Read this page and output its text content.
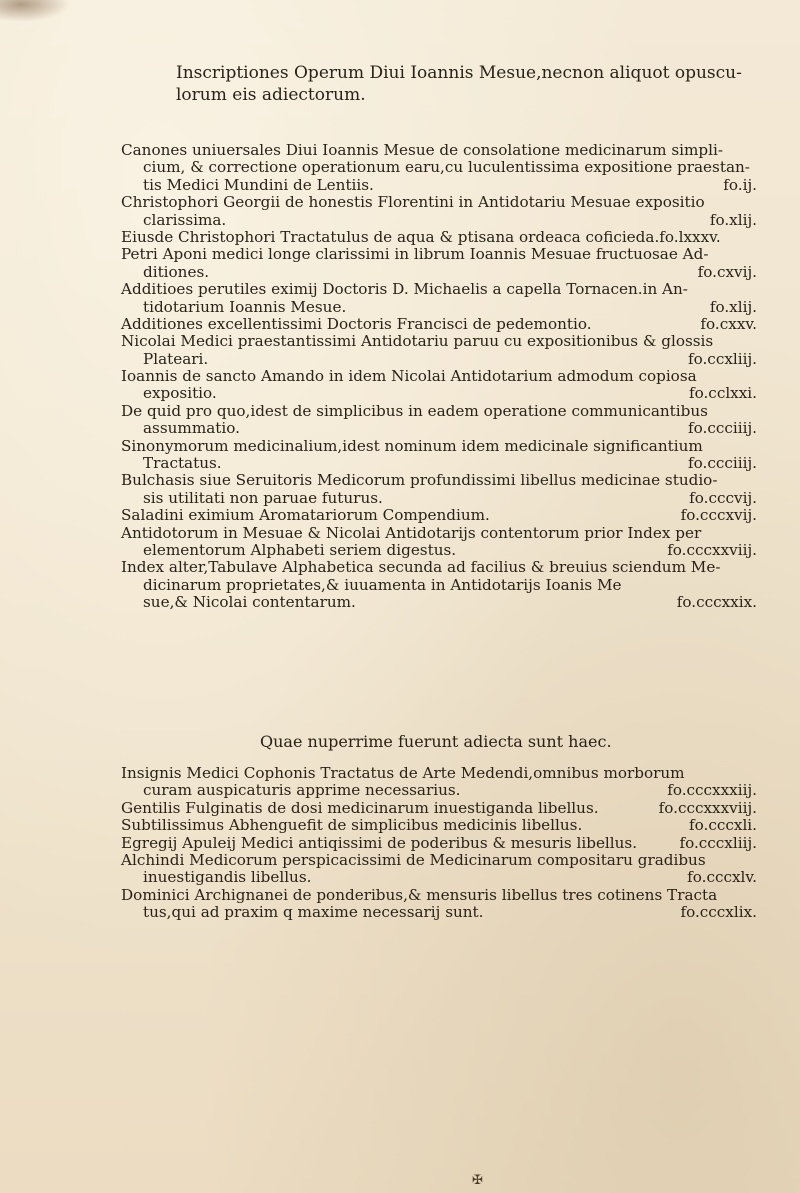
Inscriptiones Operum Diui Ioannis Mesue,necnon aliquot opuscu-
lorum eis adiectorum.
Canones uniuersales Diui Ioannis Mesue de consolatione medicinarum simpli-
cium, & correctione operationum earu,cu luculentissima expositione praestan-
tis Medici Mundini de Lentiis.	fo.ij.
Christophori Georgii de honestis Florentini in Antidotariu Mesuae expositio
clarissima.	fo.xlij.
Eiusde Christophori Tractatulus de aqua & ptisana ordeaca coficieda.fo.lxxxv.
Petri Aponi medici longe clarissimi in librum Ioannis Mesuae fructuosae Ad-
ditiones.	fo.cxvij.
Additioes perutiles eximij Doctoris D. Michaelis a capella Tornacen.in An-
tidotarium Ioannis Mesue.	fo.xlij.
Additiones excellentissimi Doctoris Francisci de pedemontio.	fo.cxxv.
Nicolai Medici praestantissimi Antidotariu paruu cu expositionibus & glossis
Plateari.	fo.ccxliij.
Ioannis de sancto Amando in idem Nicolai Antidotarium admodum copiosa
expositio.	fo.cclxxi.
De quid pro quo,idest de simplicibus in eadem operatione communicantibus
assummatio.	fo.ccciiij.
Sinonymorum medicinalium,idest nominum idem medicinale significantium
Tractatus.	fo.ccciiij.
Bulchasis siue Seruitoris Medicorum profundissimi libellus medicinae studio-
sis utilitati non paruae futurus.	fo.cccvij.
Saladini eximium Aromatariorum Compendium.	fo.cccxvij.
Antidotorum in Mesuae & Nicolai Antidotarijs contentorum prior Index per
elementorum Alphabeti seriem digestus.	fo.cccxxviij.
Index alter,Tabulave Alphabetica secunda ad facilius & breuius sciendum Me-
dicinarum proprietates,& iuuamenta in Antidotarijs Ioanis Me
sue,& Nicolai contentarum.	fo.cccxxix.
Quae nuperrime fuerunt adiecta sunt haec.
Insignis Medici Cophonis Tractatus de Arte Medendi,omnibus morborum
curam auspicaturis apprime necessarius.	fo.cccxxxiij.
Gentilis Fulginatis de dosi medicinarum inuestiganda libellus.	fo.cccxxxviij.
Subtilissimus Abhenguefit de simplicibus medicinis libellus.	fo.cccxli.
Egregij Apuleij Medici antiqissimi de poderibus & mesuris libellus.	fo.cccxliij.
Alchindi Medicorum perspicacissimi de Medicinarum compositaru gradibus
inuestigandis libellus.	fo.cccxlv.
Dominici Archignanei de ponderibus,& mensuris libellus tres cotinens Tracta
tus,qui ad praxim q maxime necessarij sunt.	fo.cccxlix.
✠
